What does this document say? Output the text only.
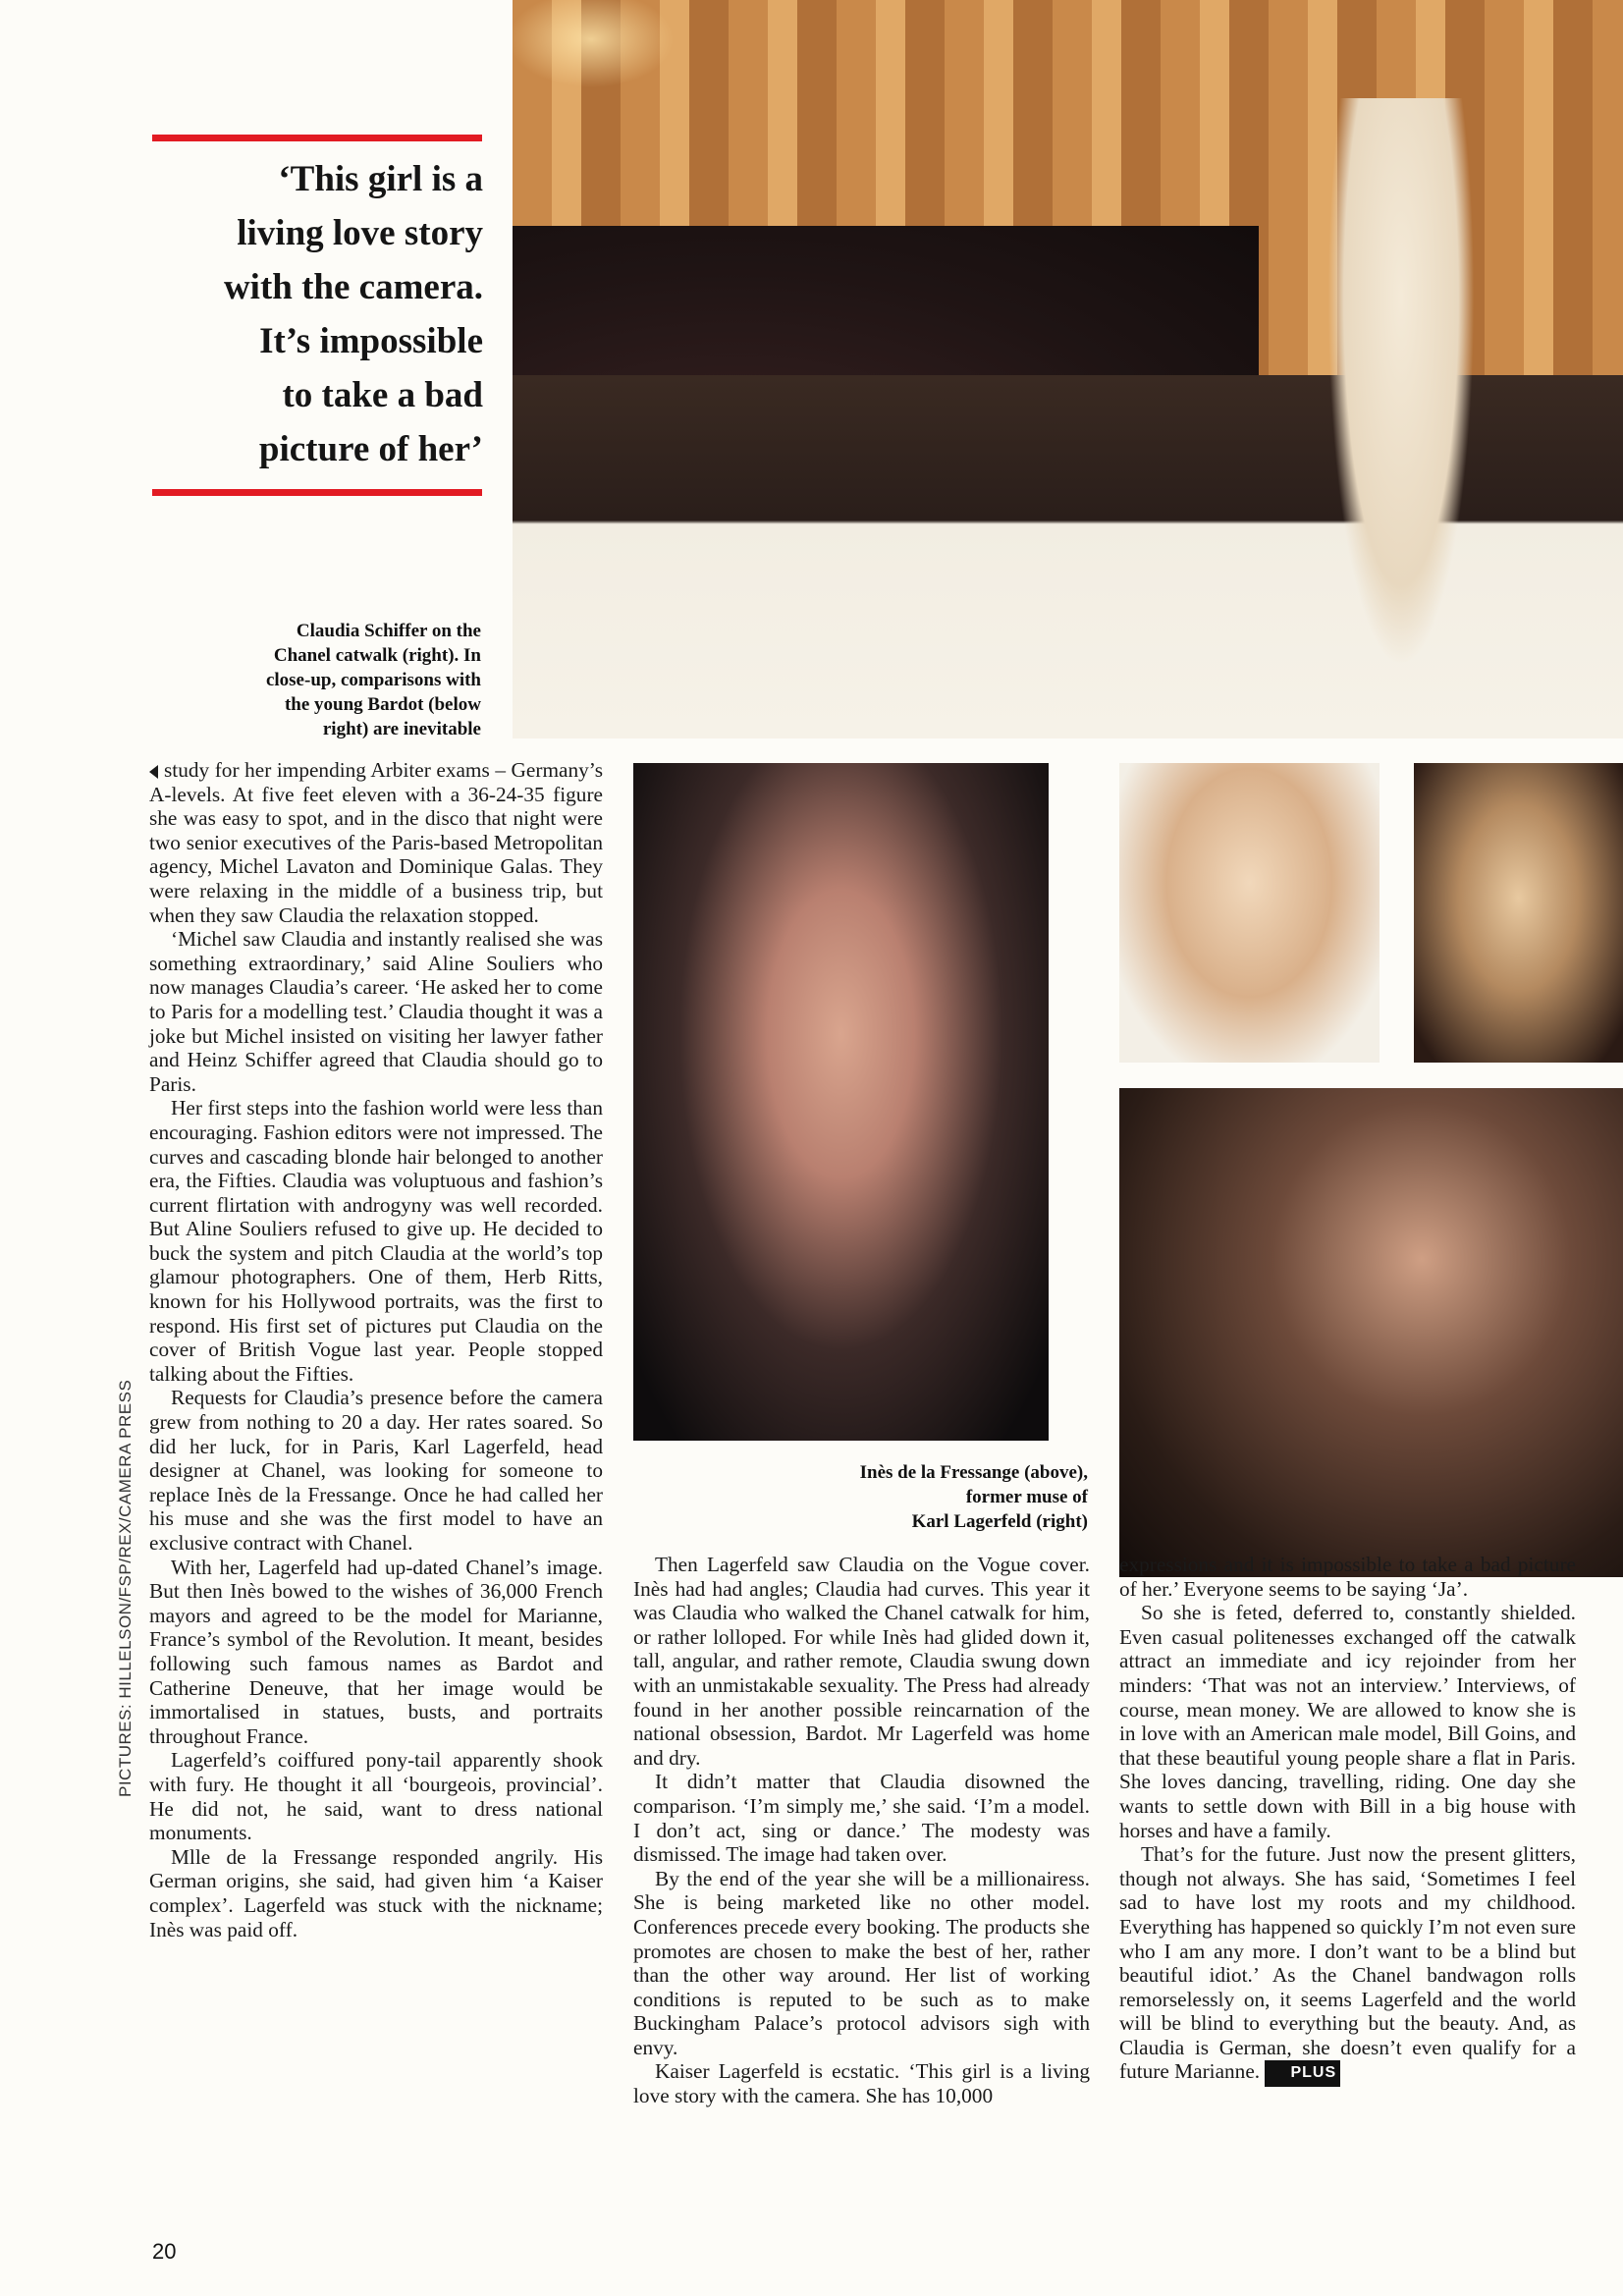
‘This girl is a
living love story
with the camera.
It’s impossible
to take a bad
picture of her’
Claudia Schiffer on the
Chanel catwalk (right). In
close-up, comparisons with
the young Bardot (below
right) are inevitable
Inès de la Fressange (above),
former muse of
Karl Lagerfeld (right)

study for her impending Arbiter exams – Germany’s A-levels. At five feet eleven with a 36-24-35 figure she was easy to spot, and in the disco that night were two senior executives of the Paris-based Metropolitan agency, Michel Lavaton and Dominique Galas. They were relaxing in the middle of a business trip, but when they saw Claudia the relaxation stopped.

‘Michel saw Claudia and instantly realised she was something extraordinary,’ said Aline Souliers who now manages Claudia’s career. ‘He asked her to come to Paris for a modelling test.’ Claudia thought it was a joke but Michel insisted on visiting her lawyer father and Heinz Schiffer agreed that Claudia should go to Paris.

Her first steps into the fashion world were less than encouraging. Fashion editors were not impressed. The curves and cascading blonde hair belonged to another era, the Fifties. Claudia was voluptuous and fashion’s current flirtation with androgyny was well recorded. But Aline Souliers refused to give up. He decided to buck the system and pitch Claudia at the world’s top glamour photographers. One of them, Herb Ritts, known for his Hollywood portraits, was the first to respond. His first set of pictures put Claudia on the cover of British Vogue last year. People stopped talking about the Fifties.

Requests for Claudia’s presence before the camera grew from nothing to 20 a day. Her rates soared. So did her luck, for in Paris, Karl Lagerfeld, head designer at Chanel, was looking for someone to replace Inès de la Fressange. Once he had called her his muse and she was the first model to have an exclusive contract with Chanel.

With her, Lagerfeld had up-dated Chanel’s image. But then Inès bowed to the wishes of 36,000 French mayors and agreed to be the model for Marianne, France’s symbol of the Revolution. It meant, besides following such famous names as Bardot and Catherine Deneuve, that her image would be immortalised in statues, busts, and portraits throughout France.

Lagerfeld’s coiffured pony-tail apparently shook with fury. He thought it all ‘bourgeois, provincial’. He did not, he said, want to dress national monuments.

Mlle de la Fressange responded angrily. His German origins, she said, had given him ‘a Kaiser complex’. Lagerfeld was stuck with the nickname; Inès was paid off.

Then Lagerfeld saw Claudia on the Vogue cover. Inès had had angles; Claudia had curves. This year it was Claudia who walked the Chanel catwalk for him, or rather lolloped. For while Inès had glided down it, tall, angular, and rather remote, Claudia swung down with an unmistakable sexuality. The Press had already found in her another possible reincarnation of the national obsession, Bardot. Mr Lagerfeld was home and dry.

It didn’t matter that Claudia disowned the comparison. ‘I’m simply me,’ she said. ‘I’m a model. I don’t act, sing or dance.’ The modesty was dismissed. The image had taken over.

By the end of the year she will be a millionairess. She is being marketed like no other model. Conferences precede every booking. The products she promotes are chosen to make the best of her, rather than the other way around. Her list of working conditions is reputed to be such as to make Buckingham Palace’s protocol advisors sigh with envy.

Kaiser Lagerfeld is ecstatic. ‘This girl is a living love story with the camera. She has 10,000

expressions and it is impossible to take a bad picture of her.’ Everyone seems to be saying ‘Ja’.

So she is feted, deferred to, constantly shielded. Even casual politenesses exchanged off the catwalk attract an immediate and icy rejoinder from her minders: ‘That was not an interview.’ Interviews, of course, mean money. We are allowed to know she is in love with an American male model, Bill Goins, and that these beautiful young people share a flat in Paris. She loves dancing, travelling, riding. One day she wants to settle down with Bill in a big house with horses and have a family.

That’s for the future. Just now the present glitters, though not always. She has said, ‘Sometimes I feel sad to have lost my roots and my childhood. Everything has happened so quickly I’m not even sure who I am any more. I don’t want to be a blind but beautiful idiot.’ As the Chanel bandwagon rolls remorselessly on, it seems Lagerfeld and the world will be blind to everything but the beauty. And, as Claudia is German, she doesn’t even qualify for a future Marianne. PLUS

PICTURES: HILLELSON/FSP/REX/CAMERA PRESS
20
